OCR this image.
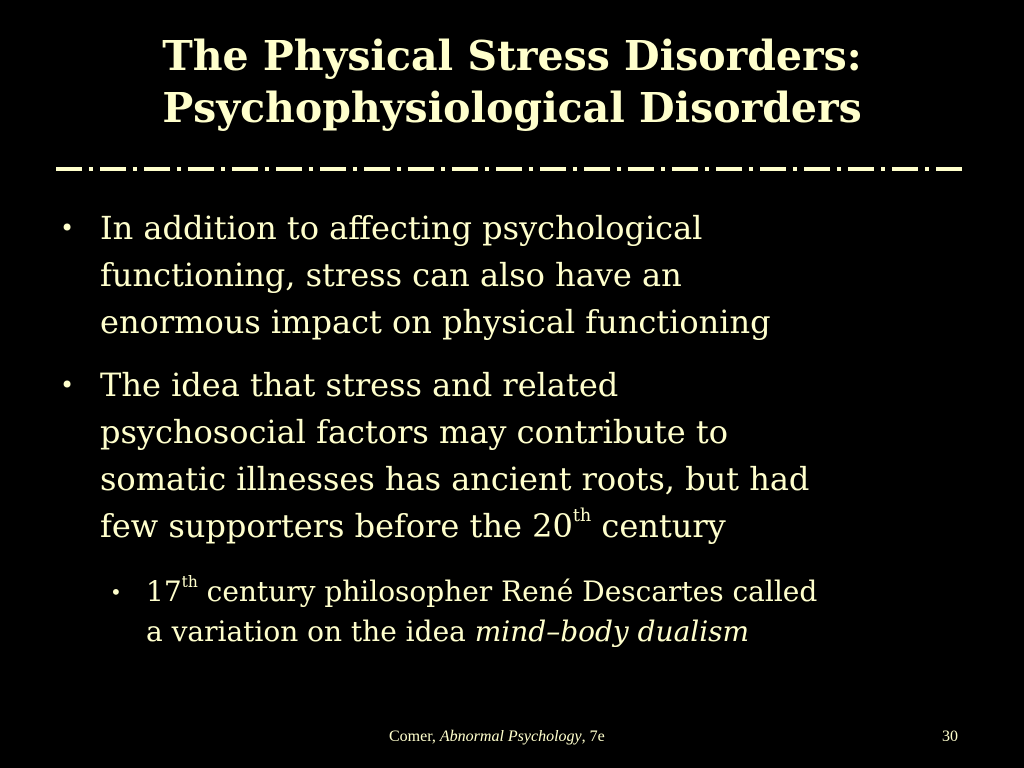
The Physical Stress Disorders:
Psychophysiological Disorders
• In addition to affecting psychological
functioning, stress can also have an
enormous impact on physical functioning
• The idea that stress and related
psychosocial factors may contribute to
somatic illnesses has ancient roots, but had
few supporters before the 20th century
• 17th century philosopher René Descartes called
a variation on the idea mind–body dualism
Comer, Abnormal Psychology, 7e	30
